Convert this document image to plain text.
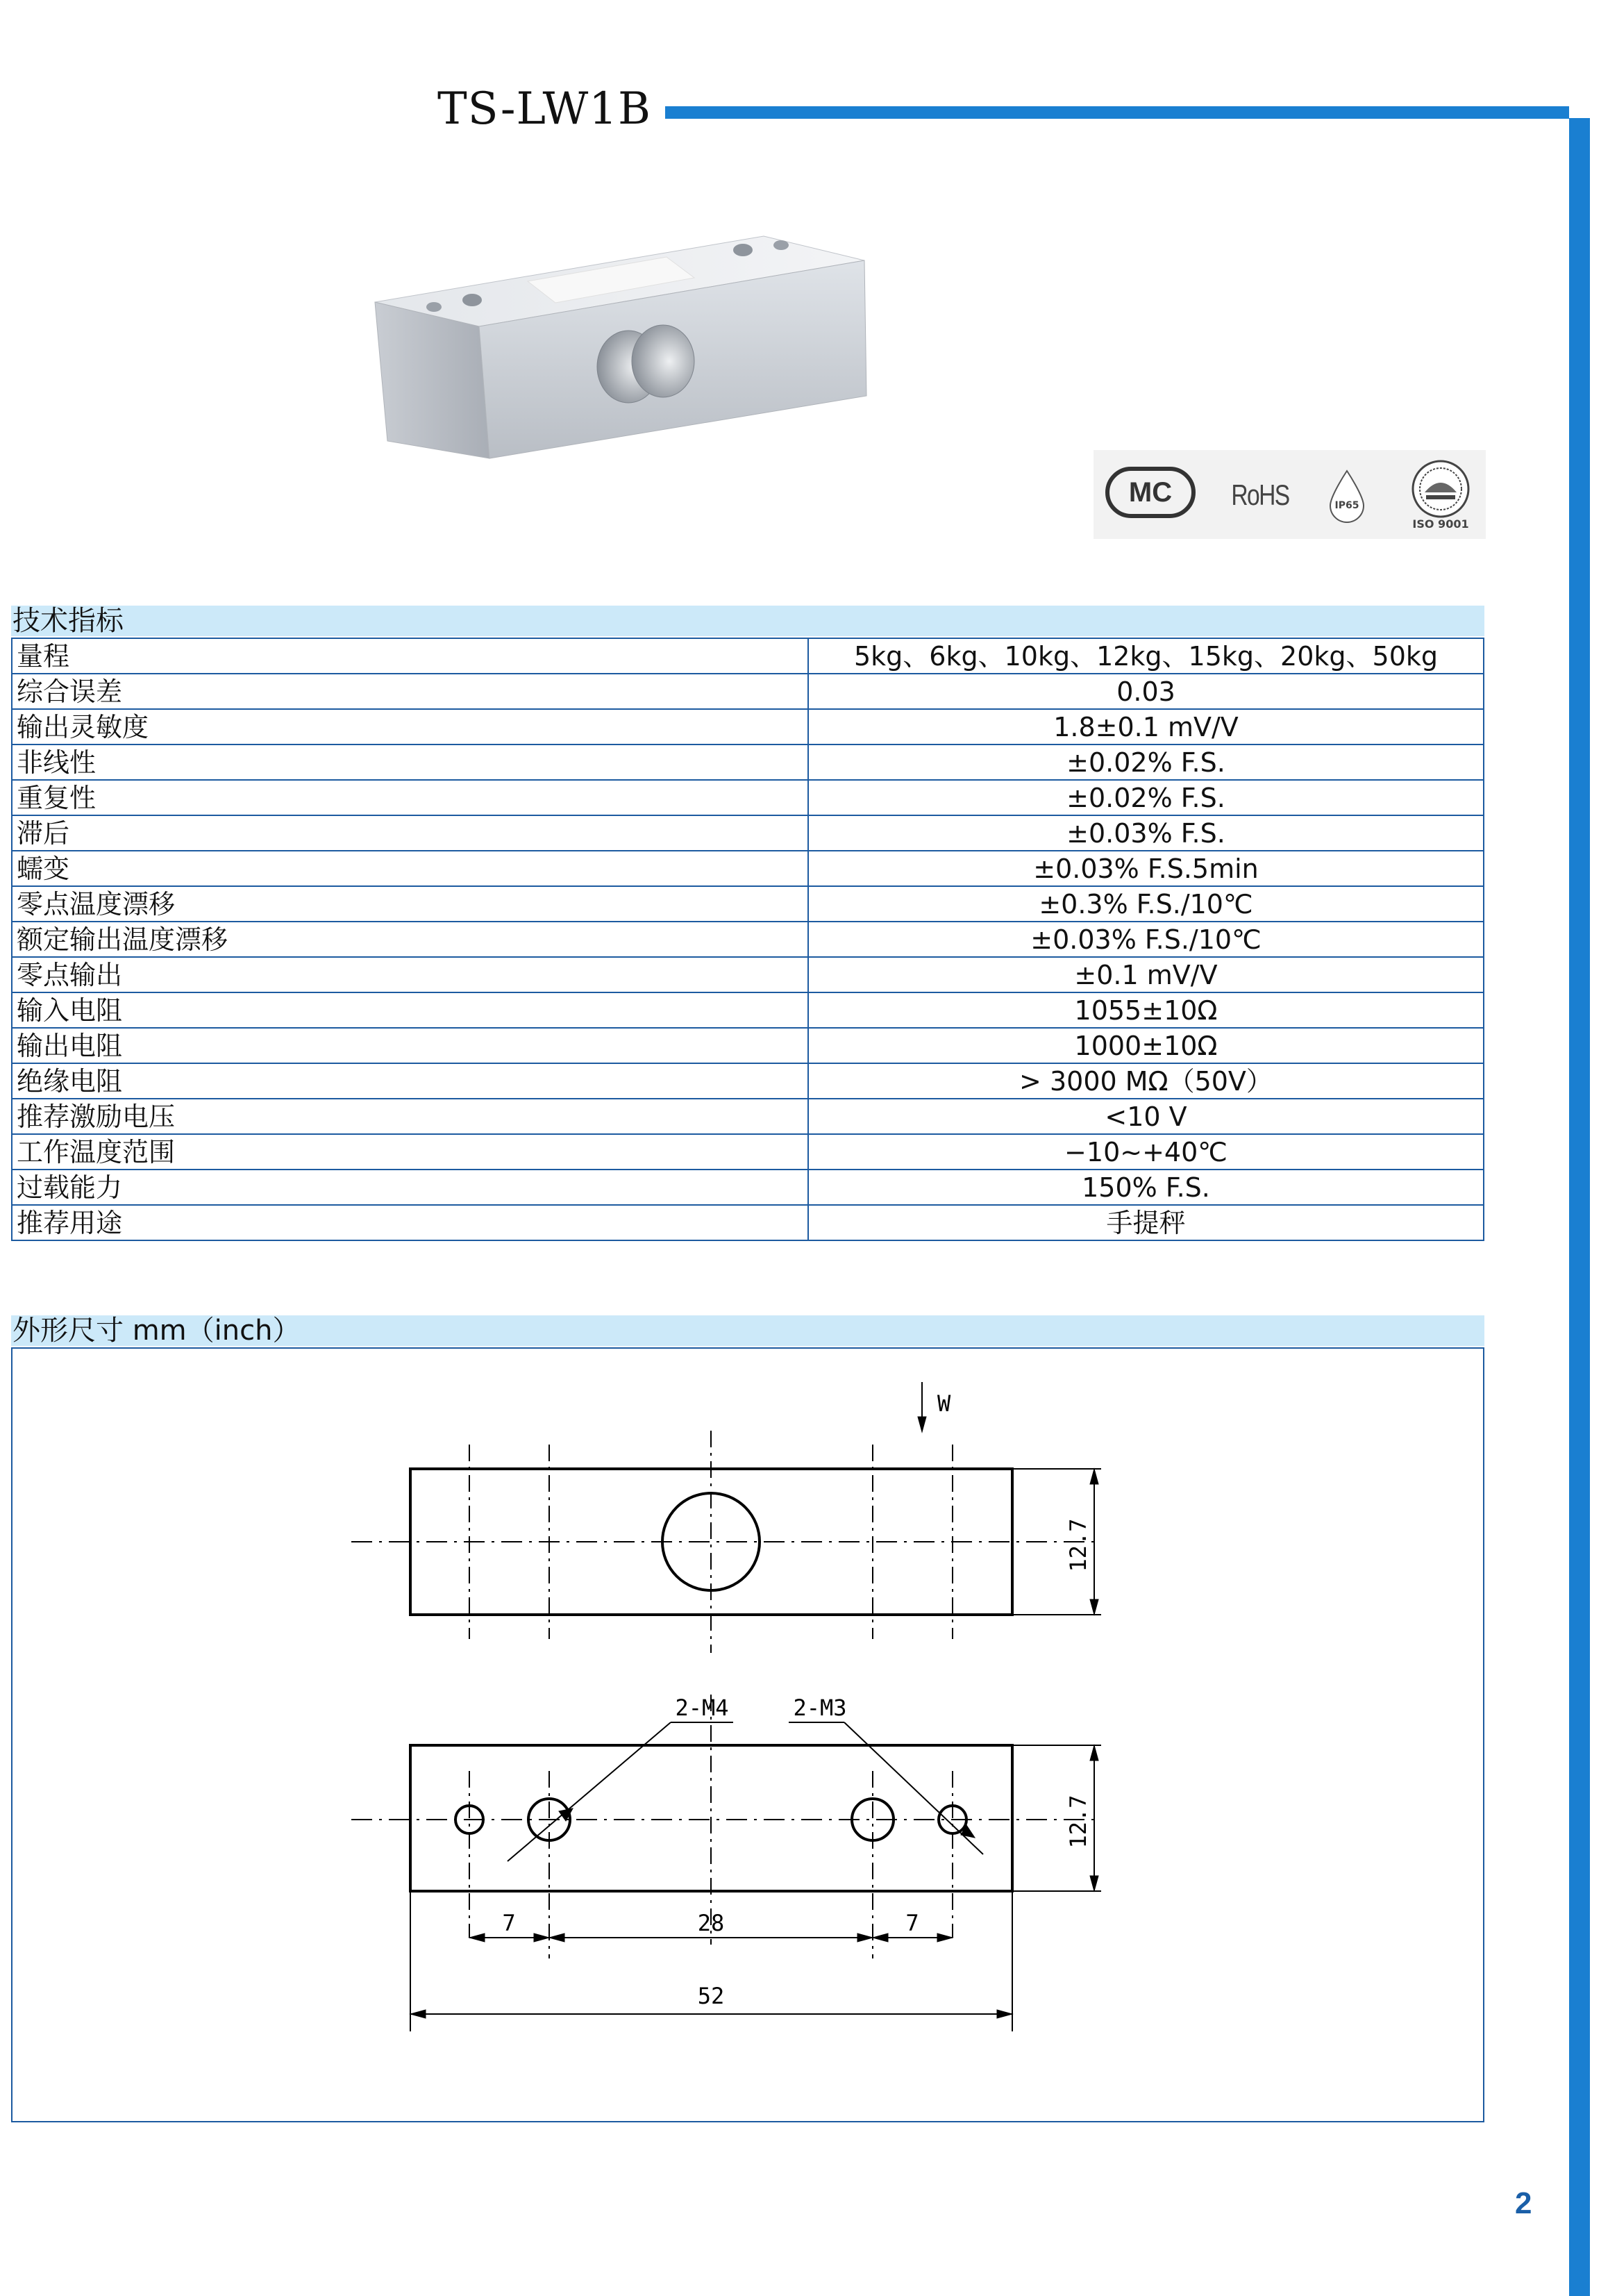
TS-LW1B
MC	RoHS	IP65
ISO 9001
技术指标
量程	5kg、6kg、10kg、12kg、15kg、20kg、50kg
综合误差	0.03
输出灵敏度	1.8±0.1 mV/V
非线性	±0.02% F.S.
重复性	±0.02% F.S.
滞后	±0.03% F.S.
蠕变	±0.03% F.S.5min
零点温度漂移	±0.3% F.S./10℃
额定输出温度漂移	±0.03% F.S./10℃
零点输出	±0.1 mV/V
输入电阻	1055±10Ω
输出电阻	1000±10Ω
绝缘电阻	> 3000 MΩ（50V）
推荐激励电压	<10 V
工作温度范围	−10~+40℃
过载能力	150% F.S.
推荐用途	手提秤
外形尺寸 mm（inch）
W
12.7
12.7
2-M4	2-M3
7	28	7
52
2
